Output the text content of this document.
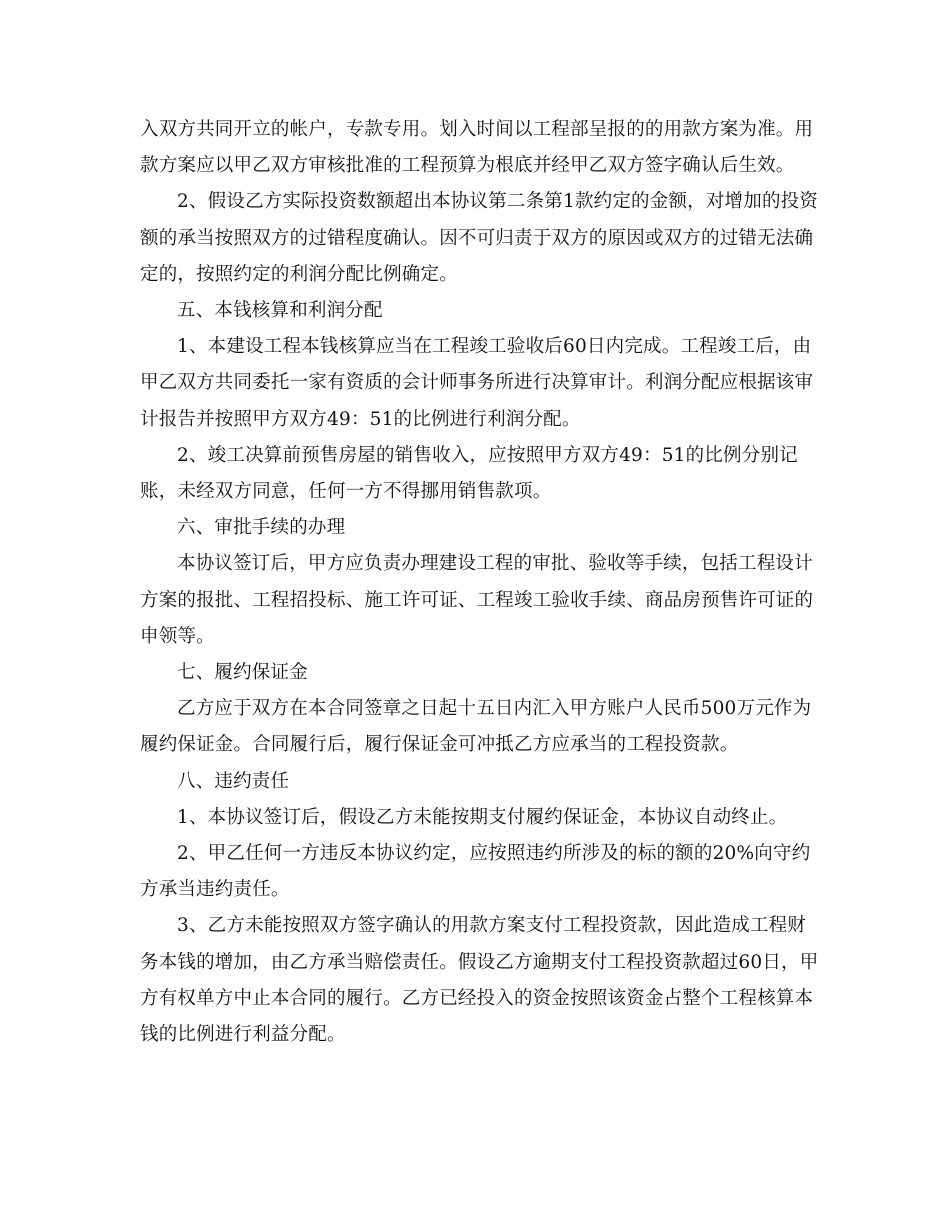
入双方共同开立的帐户，专款专用。划入时间以工程部呈报的的用款方案为准。用款方案应以甲乙双方审核批准的工程预算为根底并经甲乙双方签字确认后生效。

2、假设乙方实际投资数额超出本协议第二条第1款约定的金额，对增加的投资额的承当按照双方的过错程度确认。因不可归责于双方的原因或双方的过错无法确定的，按照约定的利润分配比例确定。

五、本钱核算和利润分配

1、本建设工程本钱核算应当在工程竣工验收后60日内完成。工程竣工后，由甲乙双方共同委托一家有资质的会计师事务所进行决算审计。利润分配应根据该审计报告并按照甲方双方49：51的比例进行利润分配。

2、竣工决算前预售房屋的销售收入，应按照甲方双方49：51的比例分别记账，未经双方同意，任何一方不得挪用销售款项。

六、审批手续的办理

本协议签订后，甲方应负责办理建设工程的审批、验收等手续，包括工程设计方案的报批、工程招投标、施工许可证、工程竣工验收手续、商品房预售许可证的申领等。

七、履约保证金

乙方应于双方在本合同签章之日起十五日内汇入甲方账户人民币500万元作为履约保证金。合同履行后，履行保证金可冲抵乙方应承当的工程投资款。

八、违约责任

1、本协议签订后，假设乙方未能按期支付履约保证金，本协议自动终止。

2、甲乙任何一方违反本协议约定，应按照违约所涉及的标的额的20%向守约方承当违约责任。

3、乙方未能按照双方签字确认的用款方案支付工程投资款，因此造成工程财务本钱的增加，由乙方承当赔偿责任。假设乙方逾期支付工程投资款超过60日，甲方有权单方中止本合同的履行。乙方已经投入的资金按照该资金占整个工程核算本钱的比例进行利益分配。
